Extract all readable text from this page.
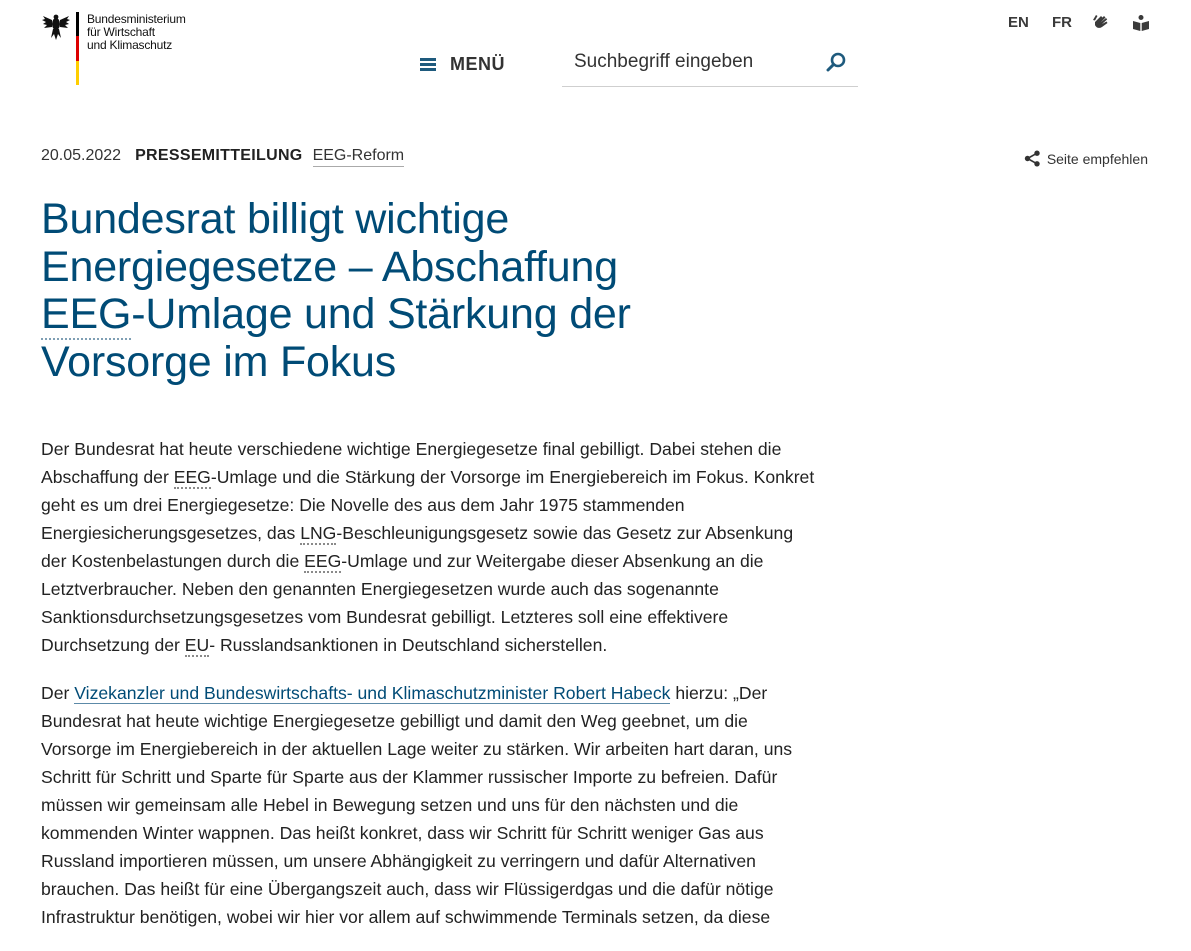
Bundesministerium
für Wirtschaft
und Klimaschutz
EN FR
MENÜ
Suchbegriff eingeben
20.05.2022 PRESSEMITTEILUNG EEG-Reform	Seite empfehlen
Bundesrat billigt wichtige
Energiegesetze – Abschaffung
EEG-Umlage und Stärkung der
Vorsorge im Fokus

Der Bundesrat hat heute verschiedene wichtige Energiegesetze final gebilligt. Dabei stehen die Abschaffung der EEG-Umlage und die Stärkung der Vorsorge im Energiebereich im Fokus. Konkret geht es um drei Energiegesetze: Die Novelle des aus dem Jahr 1975 stammenden Energiesicherungsgesetzes, das LNG-Beschleunigungsgesetz sowie das Gesetz zur Absenkung der Kostenbelastungen durch die EEG-Umlage und zur Weitergabe dieser Absenkung an die Letztverbraucher. Neben den genannten Energiegesetzen wurde auch das sogenannte Sanktionsdurchsetzungsgesetzes vom Bundesrat gebilligt. Letzteres soll eine effektivere Durchsetzung der EU- Russlandsanktionen in Deutschland sicherstellen.

Der Vizekanzler und Bundeswirtschafts- und Klimaschutzminister Robert Habeck hierzu: „Der Bundesrat hat heute wichtige Energiegesetze gebilligt und damit den Weg geebnet, um die Vorsorge im Energiebereich in der aktuellen Lage weiter zu stärken. Wir arbeiten hart daran, uns Schritt für Schritt und Sparte für Sparte aus der Klammer russischer Importe zu befreien. Dafür müssen wir gemeinsam alle Hebel in Bewegung setzen und uns für den nächsten und die kommenden Winter wappnen. Das heißt konkret, dass wir Schritt für Schritt weniger Gas aus Russland importieren müssen, um unsere Abhängigkeit zu verringern und dafür Alternativen brauchen. Das heißt für eine Übergangszeit auch, dass wir Flüssigerdgas und die dafür nötige Infrastruktur benötigen, wobei wir hier vor allem auf schwimmende Terminals setzen, da diese
